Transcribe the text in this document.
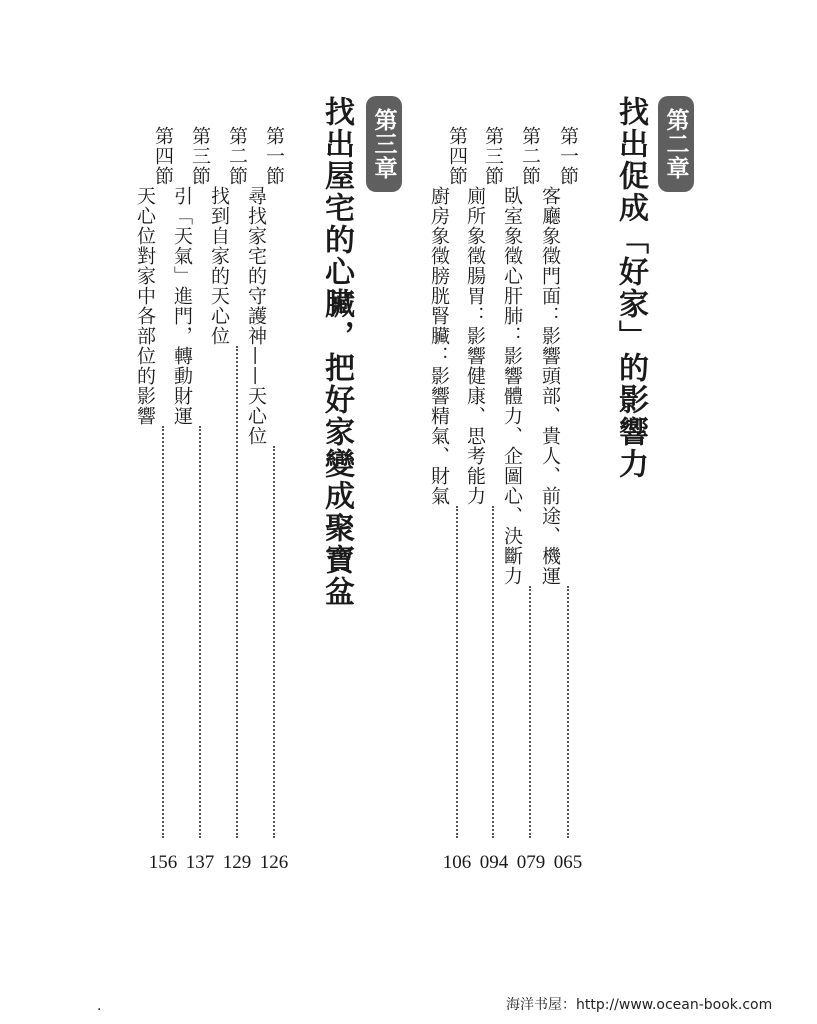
第二章
找出促成「好家」的影響力
第一節
客廳象徵門面：影響頭部、貴人、前途、機運
第二節
臥室象徵心肝肺：影響體力、企圖心、決斷力
第三節
廁所象徵腸胃：影響健康、思考能力
第四節
廚房象徵膀胱腎臟：影響精氣、財氣
065
079
094
106
第三章
找出屋宅的心臟，把好家變成聚寶盆
第一節
尋找家宅的守護神——天心位
第二節
找到自家的天心位
第三節
引「天氣」進門，轉動財運
第四節
天心位對家中各部位的影響
126
129
137
156
.	海洋书屋：http://www.ocean-book.com
